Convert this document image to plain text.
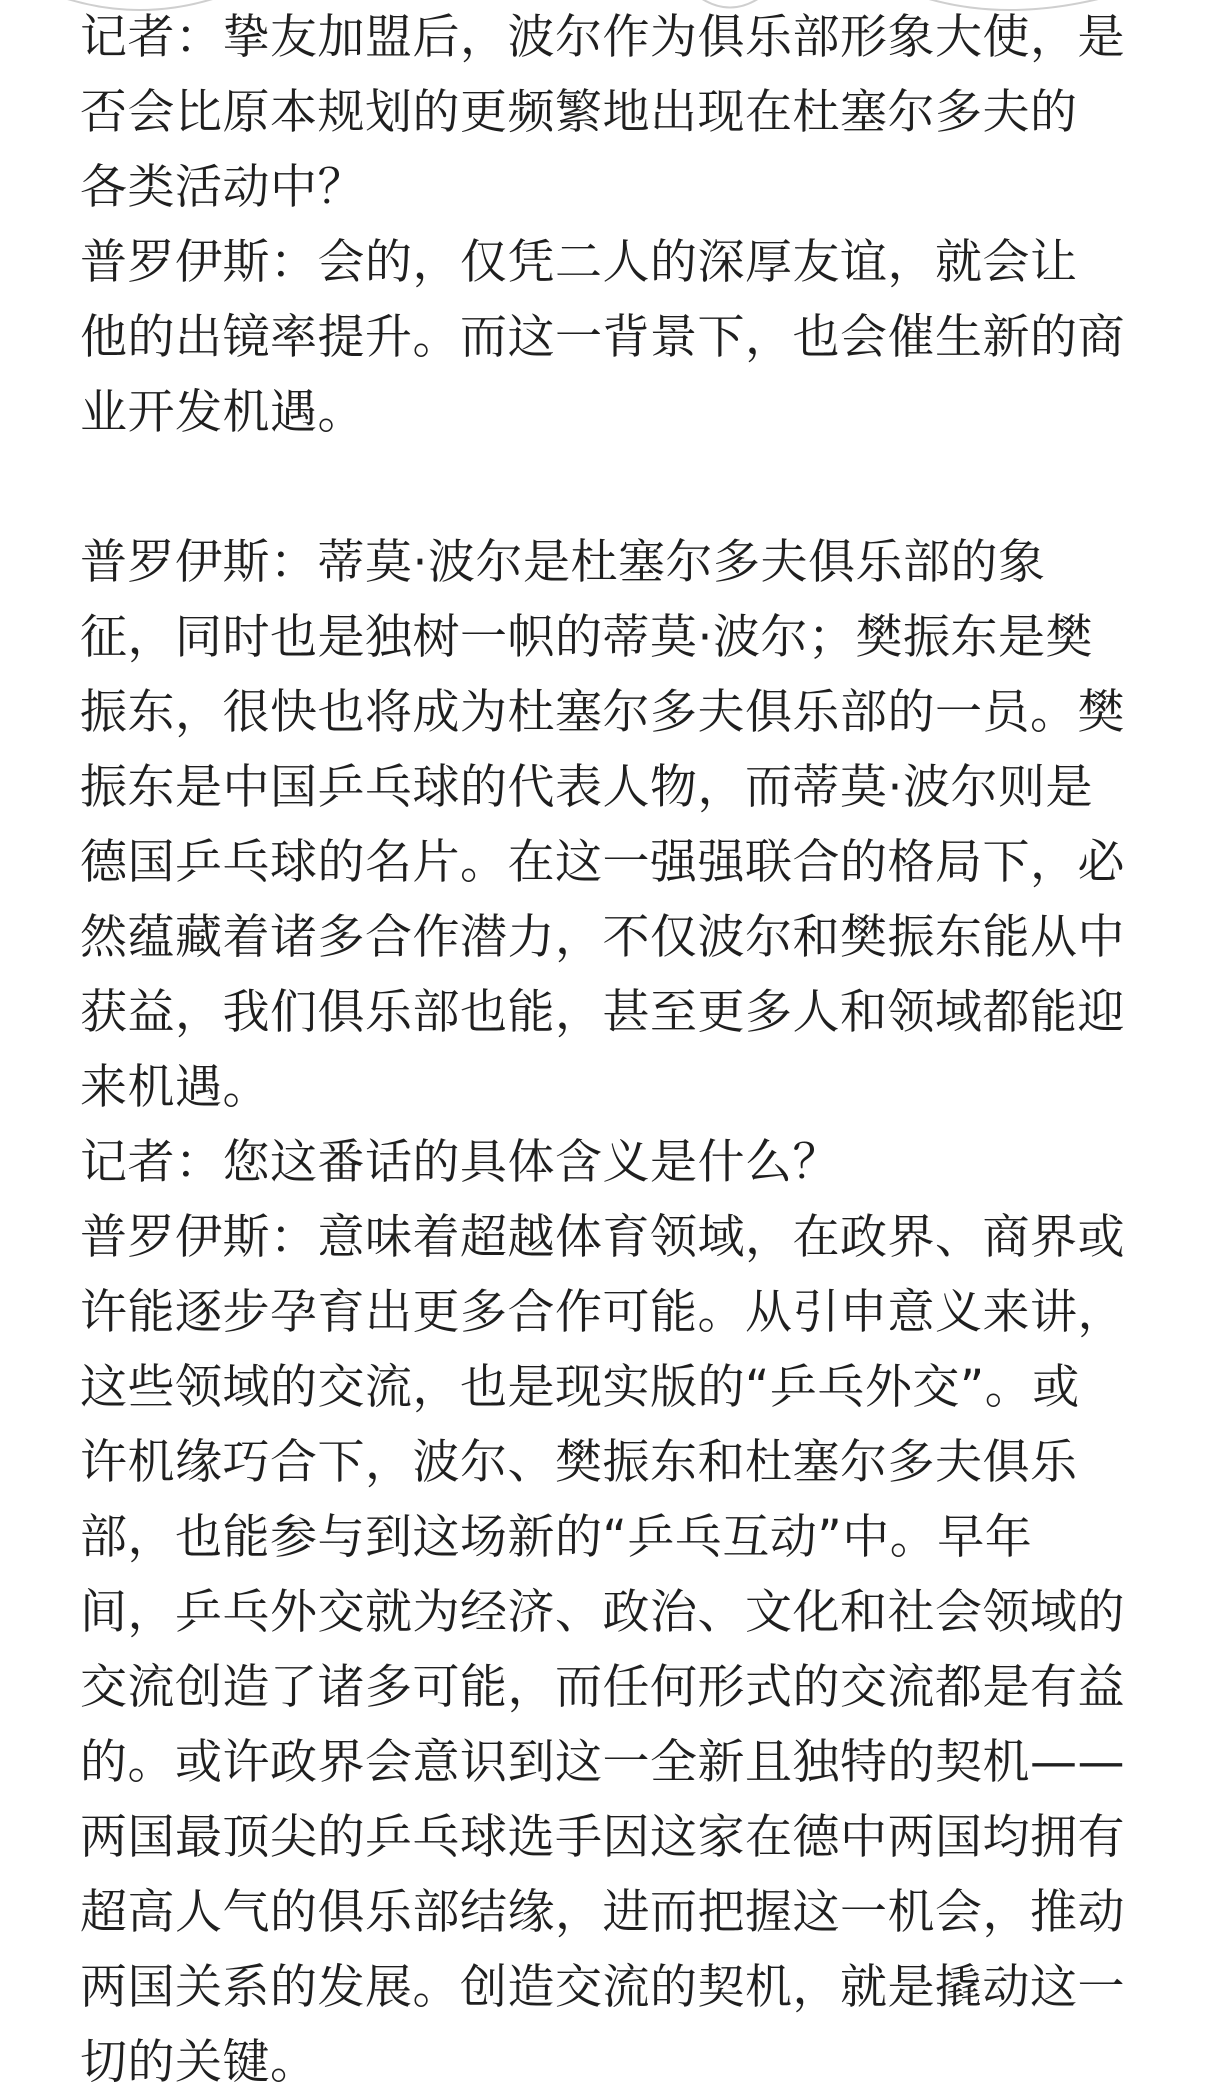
记者：挚友加盟后，波尔作为俱乐部形象大使，是
否会比原本规划的更频繁地出现在杜塞尔多夫的
各类活动中？
普罗伊斯：会的，仅凭二人的深厚友谊，就会让
他的出镜率提升。而这一背景下，也会催生新的商
业开发机遇。
普罗伊斯：蒂莫·波尔是杜塞尔多夫俱乐部的象
征，同时也是独树一帜的蒂莫·波尔；樊振东是樊
振东，很快也将成为杜塞尔多夫俱乐部的一员。樊
振东是中国乒乓球的代表人物，而蒂莫·波尔则是
德国乒乓球的名片。在这一强强联合的格局下，必
然蕴藏着诸多合作潜力，不仅波尔和樊振东能从中
获益，我们俱乐部也能，甚至更多人和领域都能迎
来机遇。
记者：您这番话的具体含义是什么？
普罗伊斯：意味着超越体育领域，在政界、商界或
许能逐步孕育出更多合作可能。从引申意义来讲，
这些领域的交流，也是现实版的“乒乓外交”。或
许机缘巧合下，波尔、樊振东和杜塞尔多夫俱乐
部，也能参与到这场新的“乒乓互动”中。早年
间，乒乓外交就为经济、政治、文化和社会领域的
交流创造了诸多可能，而任何形式的交流都是有益
的。或许政界会意识到这一全新且独特的契机——
两国最顶尖的乒乓球选手因这家在德中两国均拥有
超高人气的俱乐部结缘，进而把握这一机会，推动
两国关系的发展。创造交流的契机，就是撬动这一
切的关键。
